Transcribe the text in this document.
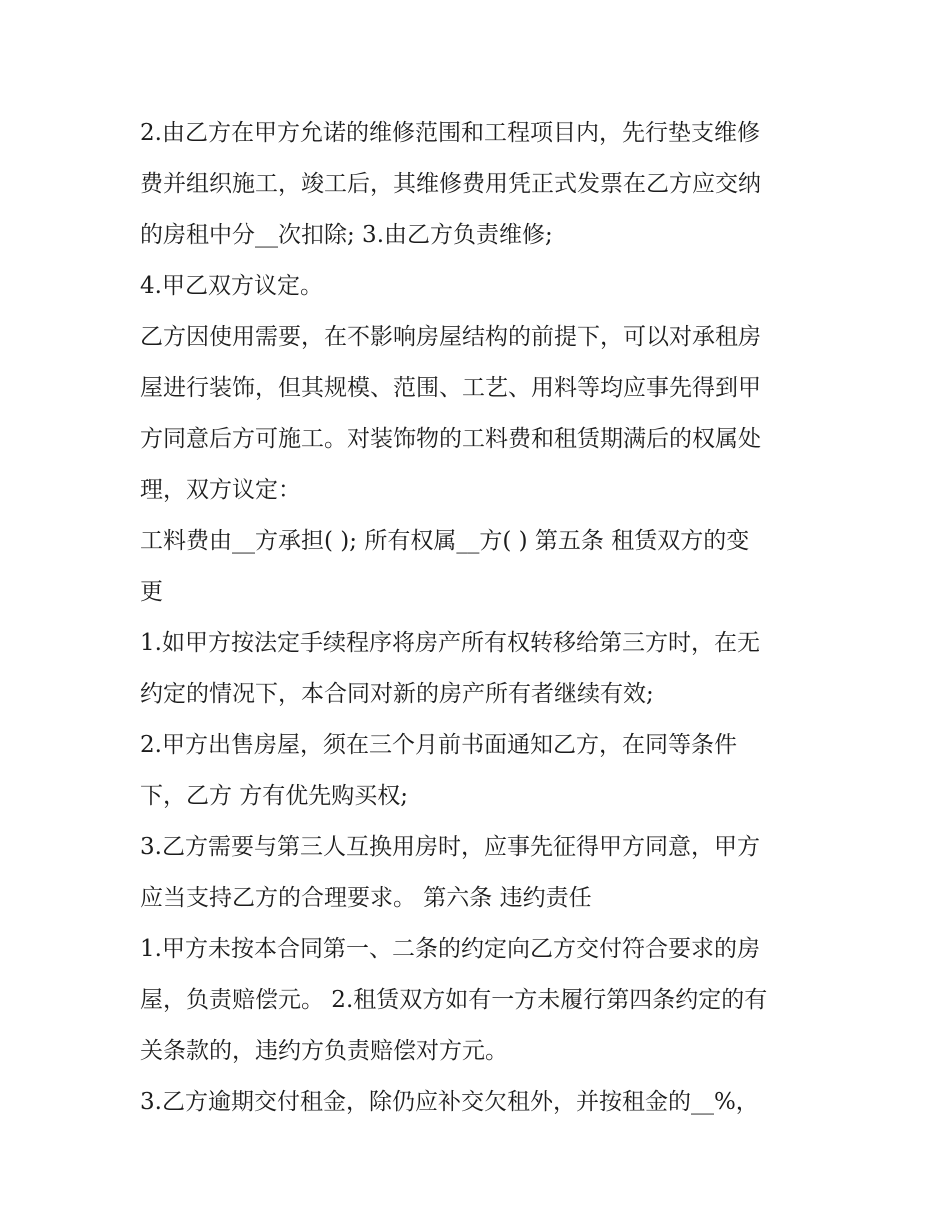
2.由乙方在甲方允诺的维修范围和工程项目内，先行垫支维修

费并组织施工，竣工后，其维修费用凭正式发票在乙方应交纳

的房租中分__次扣除; 3.由乙方负责维修;

4.甲乙双方议定。

乙方因使用需要，在不影响房屋结构的前提下，可以对承租房

屋进行装饰，但其规模、范围、工艺、用料等均应事先得到甲

方同意后方可施工。对装饰物的工料费和租赁期满后的权属处

理，双方议定：

工料费由__方承担( ); 所有权属__方( ) 第五条 租赁双方的变

更

1.如甲方按法定手续程序将房产所有权转移给第三方时，在无

约定的情况下，本合同对新的房产所有者继续有效;

2.甲方出售房屋，须在三个月前书面通知乙方，在同等条件

下，乙方 方有优先购买权;

3.乙方需要与第三人互换用房时，应事先征得甲方同意，甲方

应当支持乙方的合理要求。 第六条 违约责任

1.甲方未按本合同第一、二条的约定向乙方交付符合要求的房

屋，负责赔偿元。 2.租赁双方如有一方未履行第四条约定的有

关条款的，违约方负责赔偿对方元。

3.乙方逾期交付租金，除仍应补交欠租外，并按租金的__%，
